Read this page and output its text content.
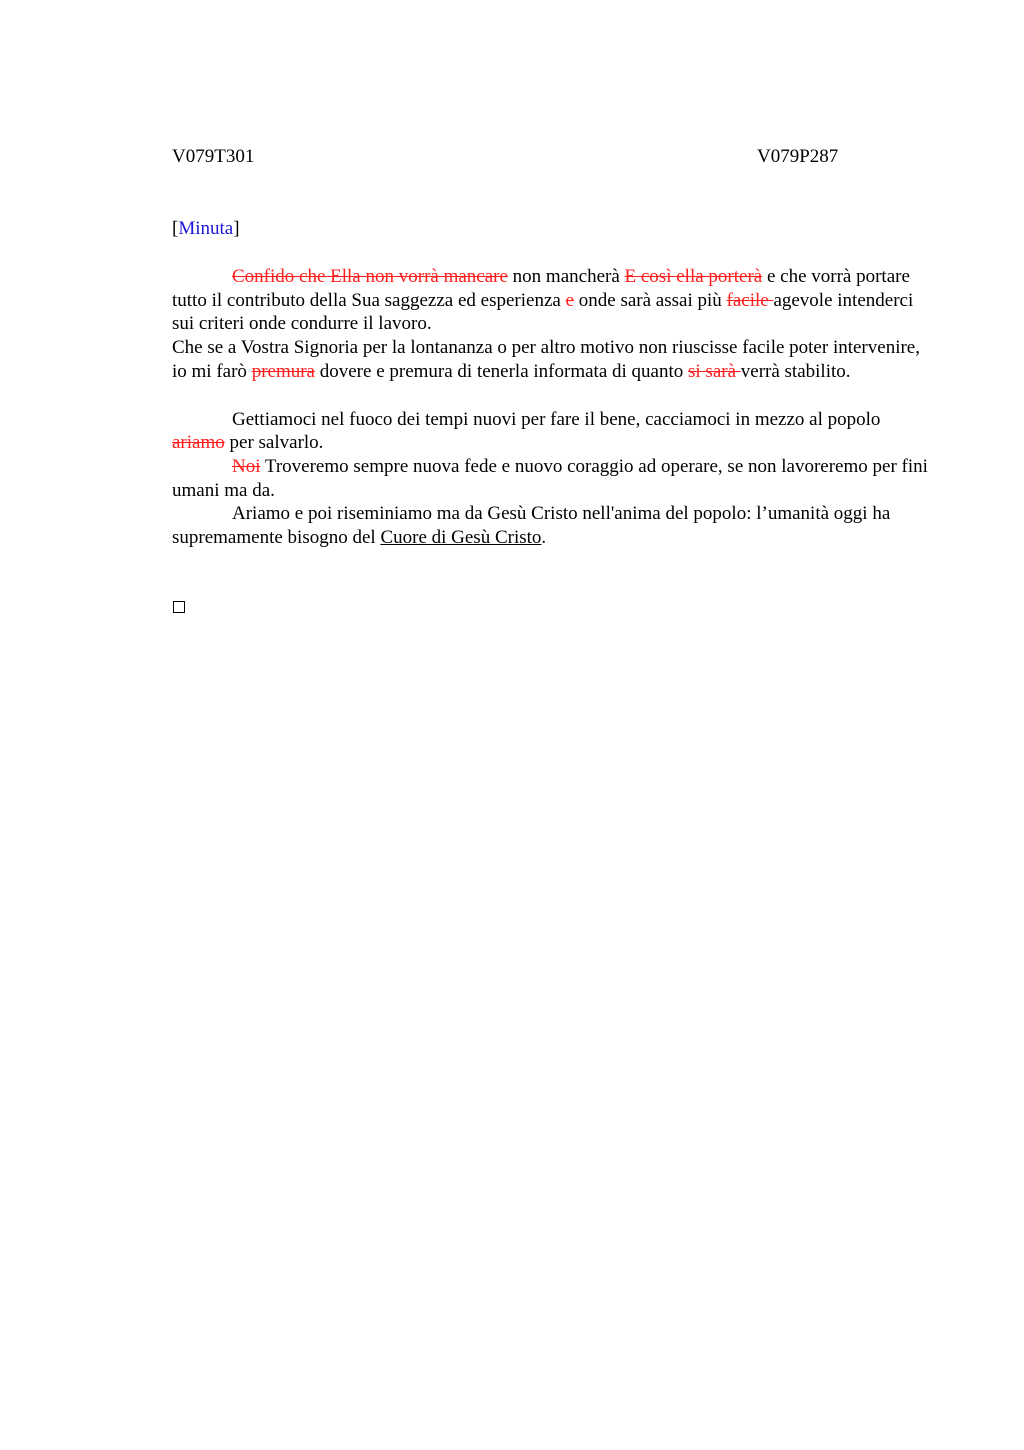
V079T301	V079P287
[Minuta]

Confido che Ella non vorrà mancare non mancherà E così ella porterà e che vorrà portare tutto il contributo della Sua saggezza ed esperienza e onde sarà assai più facile agevole intenderci sui criteri onde condurre il lavoro.

Che se a Vostra Signoria per la lontananza o per altro motivo non riuscisse facile poter intervenire, io mi farò premura dovere e premura di tenerla informata di quanto si sarà verrà stabilito.

Gettiamoci nel fuoco dei tempi nuovi per fare il bene, cacciamoci in mezzo al popolo ariamo per salvarlo.

Noi Troveremo sempre nuova fede e nuovo coraggio ad operare, se non lavoreremo per fini umani ma da.

Ariamo e poi riseminiamo ma da Gesù Cristo nell'anima del popolo: l’umanità oggi ha supremamente bisogno del Cuore di Gesù Cristo.
